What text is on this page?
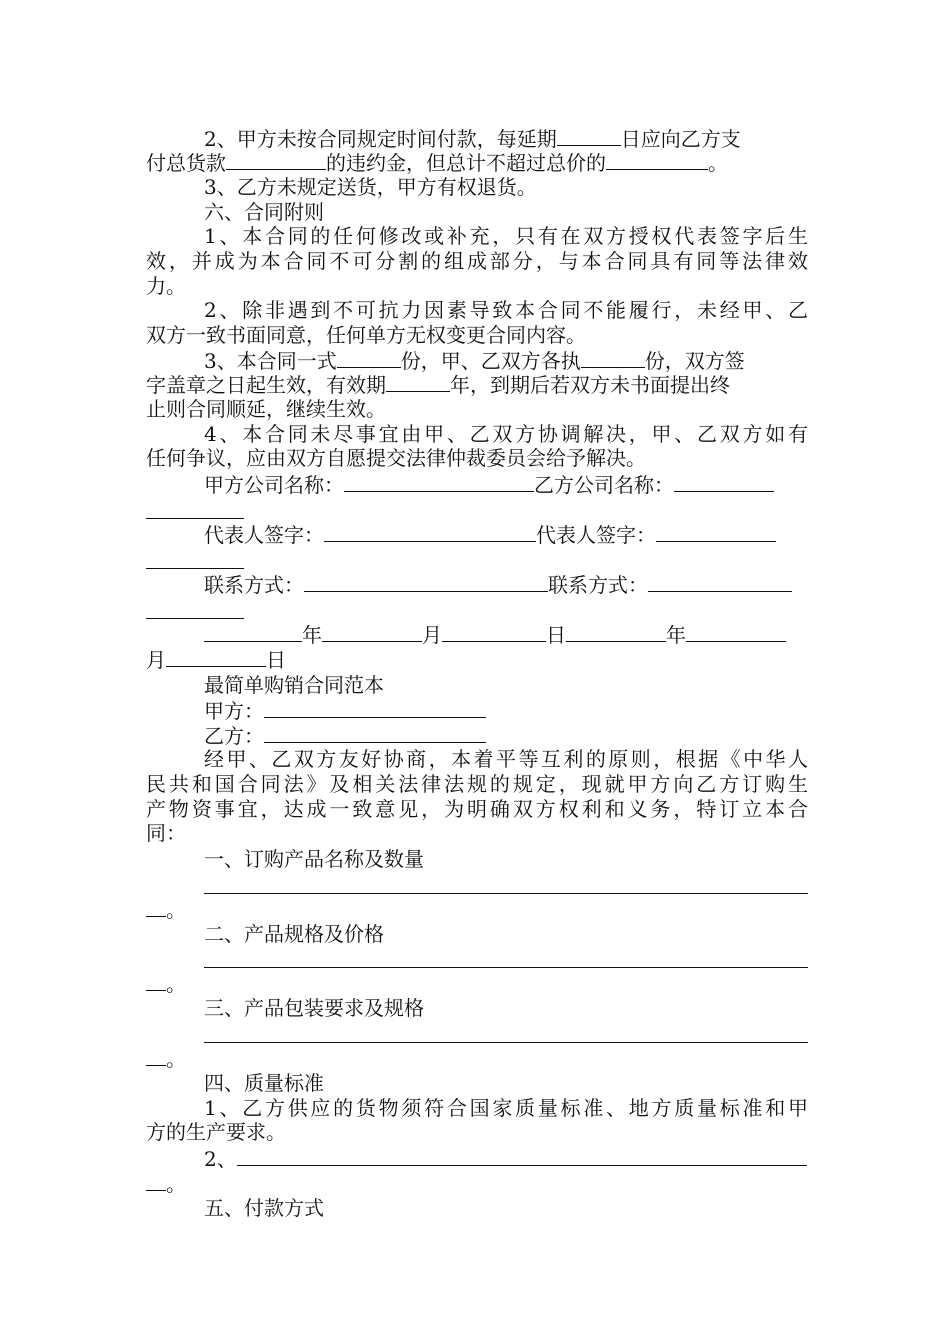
2、甲方未按合同规定时间付款，每延期	日应向乙方支
付总货款	的违约金，但总计不超过总价的	。
3、乙方未规定送货，甲方有权退货。
六、合同附则
1、本合同的任何修改或补充，只有在双方授权代表签字后生
效，并成为本合同不可分割的组成部分，与本合同具有同等法律效
力。
2、除非遇到不可抗力因素导致本合同不能履行，未经甲、乙
双方一致书面同意，任何单方无权变更合同内容。
3、本合同一式	份，甲、乙双方各执	份，双方签
字盖章之日起生效，有效期	年，到期后若双方未书面提出终
止则合同顺延，继续生效。
4、本合同未尽事宜由甲、乙双方协调解决，甲、乙双方如有
任何争议，应由双方自愿提交法律仲裁委员会给予解决。
甲方公司名称：	乙方公司名称：
代表人签字：	代表人签字：
联系方式：	联系方式：
年	月	日	年
月	日
最简单购销合同范本
甲方：
乙方：
经甲、乙双方友好协商，本着平等互利的原则，根据《中华人
民共和国合同法》及相关法律法规的规定，现就甲方向乙方订购生
产物资事宜，达成一致意见，为明确双方权利和义务，特订立本合
同：
一、订购产品名称及数量
。
二、产品规格及价格
。
三、产品包装要求及规格
。
四、质量标准
1、乙方供应的货物须符合国家质量标准、地方质量标准和甲
方的生产要求。
2、
。
五、付款方式
